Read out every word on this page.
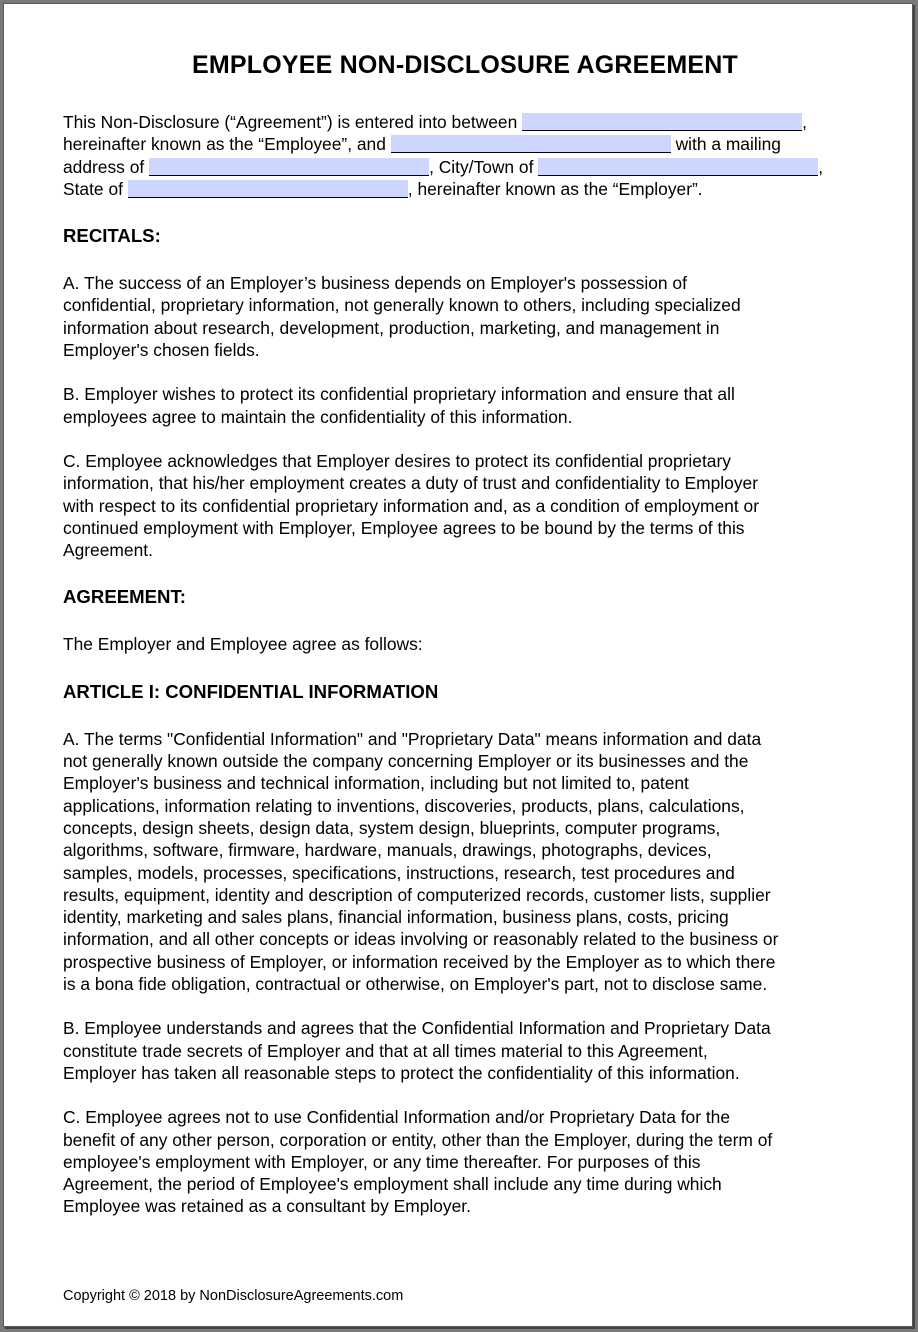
EMPLOYEE NON-DISCLOSURE AGREEMENT
This Non-Disclosure (“Agreement”) is entered into between	,
hereinafter known as the “Employee”, and	with a mailing
address of	, City/Town of	,
State of	, hereinafter known as the “Employer”.

RECITALS:

A. The success of an Employer’s business depends on Employer's possession of
confidential, proprietary information, not generally known to others, including specialized
information about research, development, production, marketing, and management in
Employer's chosen fields.

B. Employer wishes to protect its confidential proprietary information and ensure that all
employees agree to maintain the confidentiality of this information.

C. Employee acknowledges that Employer desires to protect its confidential proprietary
information, that his/her employment creates a duty of trust and confidentiality to Employer
with respect to its confidential proprietary information and, as a condition of employment or
continued employment with Employer, Employee agrees to be bound by the terms of this
Agreement.

AGREEMENT:

The Employer and Employee agree as follows:

ARTICLE I: CONFIDENTIAL INFORMATION

A. The terms "Confidential Information" and "Proprietary Data" means information and data
not generally known outside the company concerning Employer or its businesses and the
Employer's business and technical information, including but not limited to, patent
applications, information relating to inventions, discoveries, products, plans, calculations,
concepts, design sheets, design data, system design, blueprints, computer programs,
algorithms, software, firmware, hardware, manuals, drawings, photographs, devices,
samples, models, processes, specifications, instructions, research, test procedures and
results, equipment, identity and description of computerized records, customer lists, supplier
identity, marketing and sales plans, financial information, business plans, costs, pricing
information, and all other concepts or ideas involving or reasonably related to the business or
prospective business of Employer, or information received by the Employer as to which there
is a bona fide obligation, contractual or otherwise, on Employer's part, not to disclose same.

B. Employee understands and agrees that the Confidential Information and Proprietary Data
constitute trade secrets of Employer and that at all times material to this Agreement,
Employer has taken all reasonable steps to protect the confidentiality of this information.

C. Employee agrees not to use Confidential Information and/or Proprietary Data for the
benefit of any other person, corporation or entity, other than the Employer, during the term of
employee's employment with Employer, or any time thereafter. For purposes of this
Agreement, the period of Employee's employment shall include any time during which
Employee was retained as a consultant by Employer.

Copyright © 2018 by NonDisclosureAgreements.com
